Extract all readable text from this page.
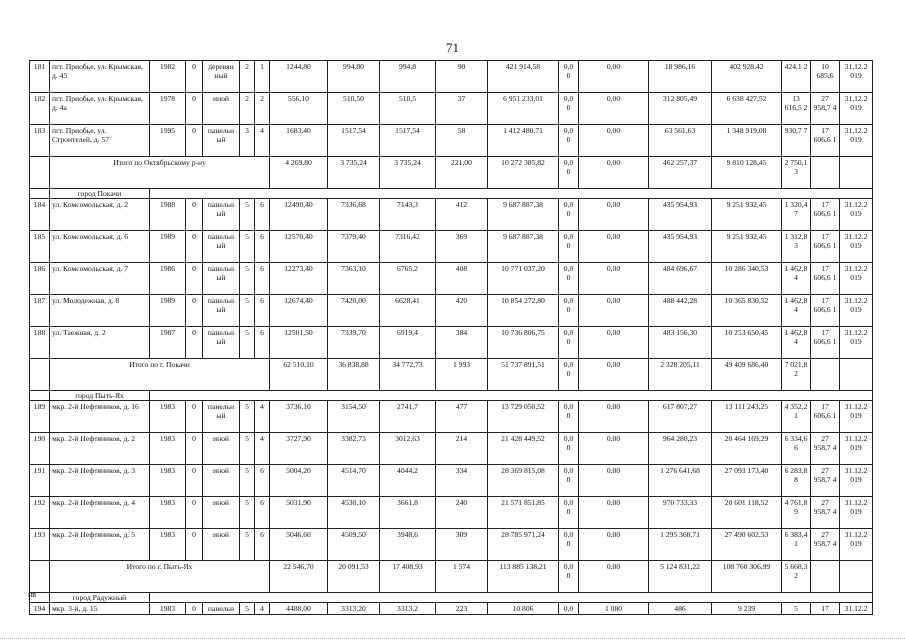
71
181	пгт. Приобье, ул. Крымская, д. 45	1982	0	деревян ный	2	1	1244,80	994,80	994,8	90	421 914,58	0,0 0	0,00	18 986,16	402 928,42	424,1 2	10 685,6	31.12.2 019
182	пгт. Приобье, ул. Крымская, д. 4а	1978	0	иной	2	2	556,10	510,50	510,5	37	6 951 233,01	0,0 0	0,00	312 805,49	6 638 427,52	13 616,5 2	27 958,7 4	31.12.2 019
183	пгт. Приобье, ул. Строителей, д. 57	1995	0	панельн ый	3	4	1683,40	1517,54	1517,54	58	1 412 480,71	0,0 0	0,00	63 561,63	1 348 919,08	930,7 7	17 606,6 1	31.12.2 019
	Итого по Октябрьскому р-ну						4 269,80	3 735,24	3 735,24	221,00	10 272 385,82	0,0 0	0,00	462 257,37	9 810 128,45	2 750,1 3		
	город Покачи																	
184	ул. Комсомольская, д. 2	1988	0	панельн ый	5	6	12490,40	7336,68	7143,3	412	9 687 887,38	0,0 0	0,00	435 954,93	9 251 932,45	1 320,4 7	17 606,6 1	31.12.2 019
185	ул. Комсомольская, д. 6	1989	0	панельн ый	5	6	12570,40	7379,40	7316,42	369	9 687 887,38	0,0 0	0,00	435 954,93	9 251 932,45	1 312,8 3	17 606,6 1	31.12.2 019
186	ул. Комсомольская, д. 7	1986	0	панельн ый	5	6	12273,40	7363,10	6765,2	408	10 771 037,20	0,0 0	0,00	484 696,67	10 286 340,53	1 462,8 4	17 606,6 1	31.12.2 019
187	ул. Молодежная, д. 8	1989	0	панельн ый	5	6	12674,40	7420,00	6628,41	420	10 854 272,80	0,0 0	0,00	488 442,28	10 365 830,52	1 462,8 4	17 606,6 1	31.12.2 019
188	ул. Таежная, д. 2	1987	0	панельн ый	5	6	12501,50	7339,70	6919,4	384	10 736 806,75	0,0 0	0,00	483 156,30	10 253 650,45	1 462,8 4	17 606,6 1	31.12.2 019
	Итого по г. Покачи						62 510,10	36 838,88	34 772,73	1 993	51 737 891,51	0,0 0	0,00	2 328 205,11	49 409 686,40	7 021,8 2		
	город Пыть-Ях																	
189	мкр. 2-й Нефтяников, д. 16	1983	0	панельн ый	5	4	3736,10	3154,50	2741,7	477	13 729 050,52	0,0 0	0,00	617 807,27	13 111 243,25	4 352,2 1	17 606,6 1	31.12.2 019
190	мкр. 2-й Нефтяников, д. 2	1983	0	иной	5	4	3727,90	3382,73	3012,63	214	21 428 449,52	0,0 0	0,00	964 280,23	20 464 169,29	6 334,6 6	27 958,7 4	31.12.2 019
191	мкр. 2-й Нефтяников, д. 3	1983	0	иной	5	6	5004,20	4514,70	4044,2	334	28 369 815,08	0,0 0	0,00	1 276 641,68	27 093 173,40	6 283,8 8	27 958,7 4	31.12.2 019
192	мкр. 2-й Нефтяников, д. 4	1983	0	иной	5	6	5031,90	4530,10	3661,8	240	21 571 851,85	0,0 0	0,00	970 733,33	20 601 118,52	4 761,8 9	27 958,7 4	31.12.2 019
193	мкр. 2-й Нефтяников, д. 5	1983	0	иной	5	6	5046,60	4509,50	3948,6	309	28 785 971,24	0,0 0	0,00	1 295 368,71	27 490 602,53	6 383,4 1	27 958,7 4	31.12.2 019
	Итого по г. Пыть-Ях						22 546,70	20 091,53	17 408,93	1 574	113 885 138,21	0,0 0	0,00	5 124 831,22	108 760 306,99	5 668,3 2		
	город Радужный																	
194	мкр. 3-й, д. 15	1983	0	панельн	5	4	4488,00	3313,20	3313,2	223	10 806	0,0	1 080	486	9 239	5	17	31.12.2
нв
